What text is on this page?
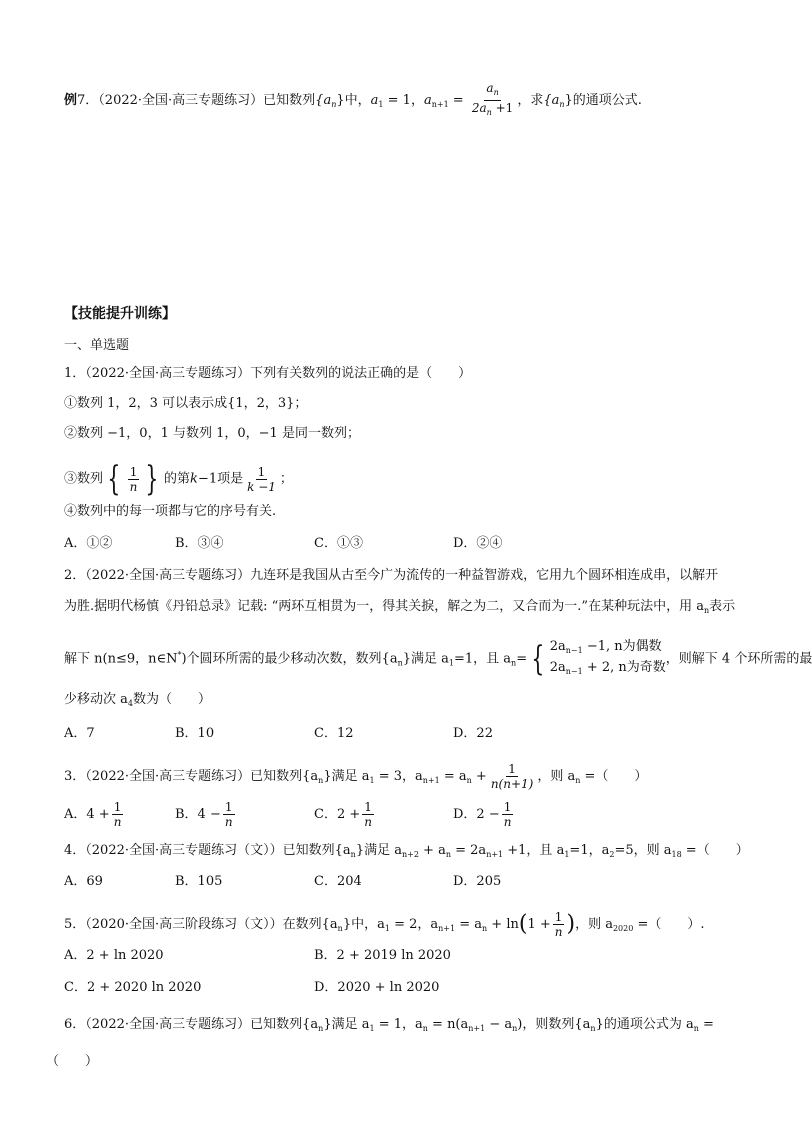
例7．（2022·全国·高三专题练习）已知数列$\{a_n\}$中，$a_1 = 1$，$a_{n+1} = \frac{a_n}{2a_n +1}$ ，求$\{a_n\}$的通项公式.
【技能提升训练】
一、单选题
1．（2022·全国·高三专题练习）下列有关数列的说法正确的是（　　）
①数列 1，2，3 可以表示成{1，2，3}；
②数列 −1，0，1 与数列 1，0，−1 是同一数列；
③数列 { $\frac{1}{n}$ } 的第k−1项是 $\frac{1}{k -1}$ ；
④数列中的每一项都与它的序号有关.
A．①②	B．③④	C．①③	D．②④
2．（2022·全国·高三专题练习）九连环是我国从古至今广为流传的一种益智游戏，它用九个圆环相连成串，以解开
为胜.据明代杨慎《丹铅总录》记载: “两环互相贯为一，得其关捩，解之为二，又合而为一.”在某种玩法中，用 $a_n$表示
解下 n(n≤9，n∈N*)个圆环所需的最少移动次数，数列$\{a_n\}$满足 $a_1=1$，且 $a_n=$ { $2a_{n-1} -1$, n为偶数
$2a_{n-1} + 2$, n为奇数
，则解下 4 个环所需的最
少移动次 $a_4$数为（　　）
A．7	B．10	C．12	D．22
3．（2022·全国·高三专题练习）已知数列$\{a_n\}$满足 $a_1 = 3$，$a_{n+1} = a_n + \frac{1}{n(n+1)}$ ，则 $a_n$ =（　　）
A．$4 + \frac{1}{n}$	B．$4 - \frac{1}{n}$	C．$2 + \frac{1}{n}$	D．$2 - \frac{1}{n}$
4．（2022·全国·高三专题练习（文））已知数列$\{a_n\}$满足 $a_{n+2} + a_n = 2a_{n+1} +1$，且 $a_1=1$，$a_2=5$，则 $a_{18}$ =（　　）
A．69	B．105	C．204	D．205
5．（2020·全国·高三阶段练习（文））在数列$\{a_n\}$中，$a_1 = 2$，$a_{n+1} = a_n + \ln(1 + \frac{1}{n}$ )，则 $a_{2020}$ =（　　）.
A．2 + ln 2020	B．2 + 2019 ln 2020
C．2 + 2020 ln 2020	D．2020 + ln 2020
6．（2022·全国·高三专题练习）已知数列$\{a_n\}$满足 $a_1 = 1$，$a_n = n(a_{n+1} - a_n)$，则数列$\{a_n\}$的通项公式为 $a_n$ =
（　　）
